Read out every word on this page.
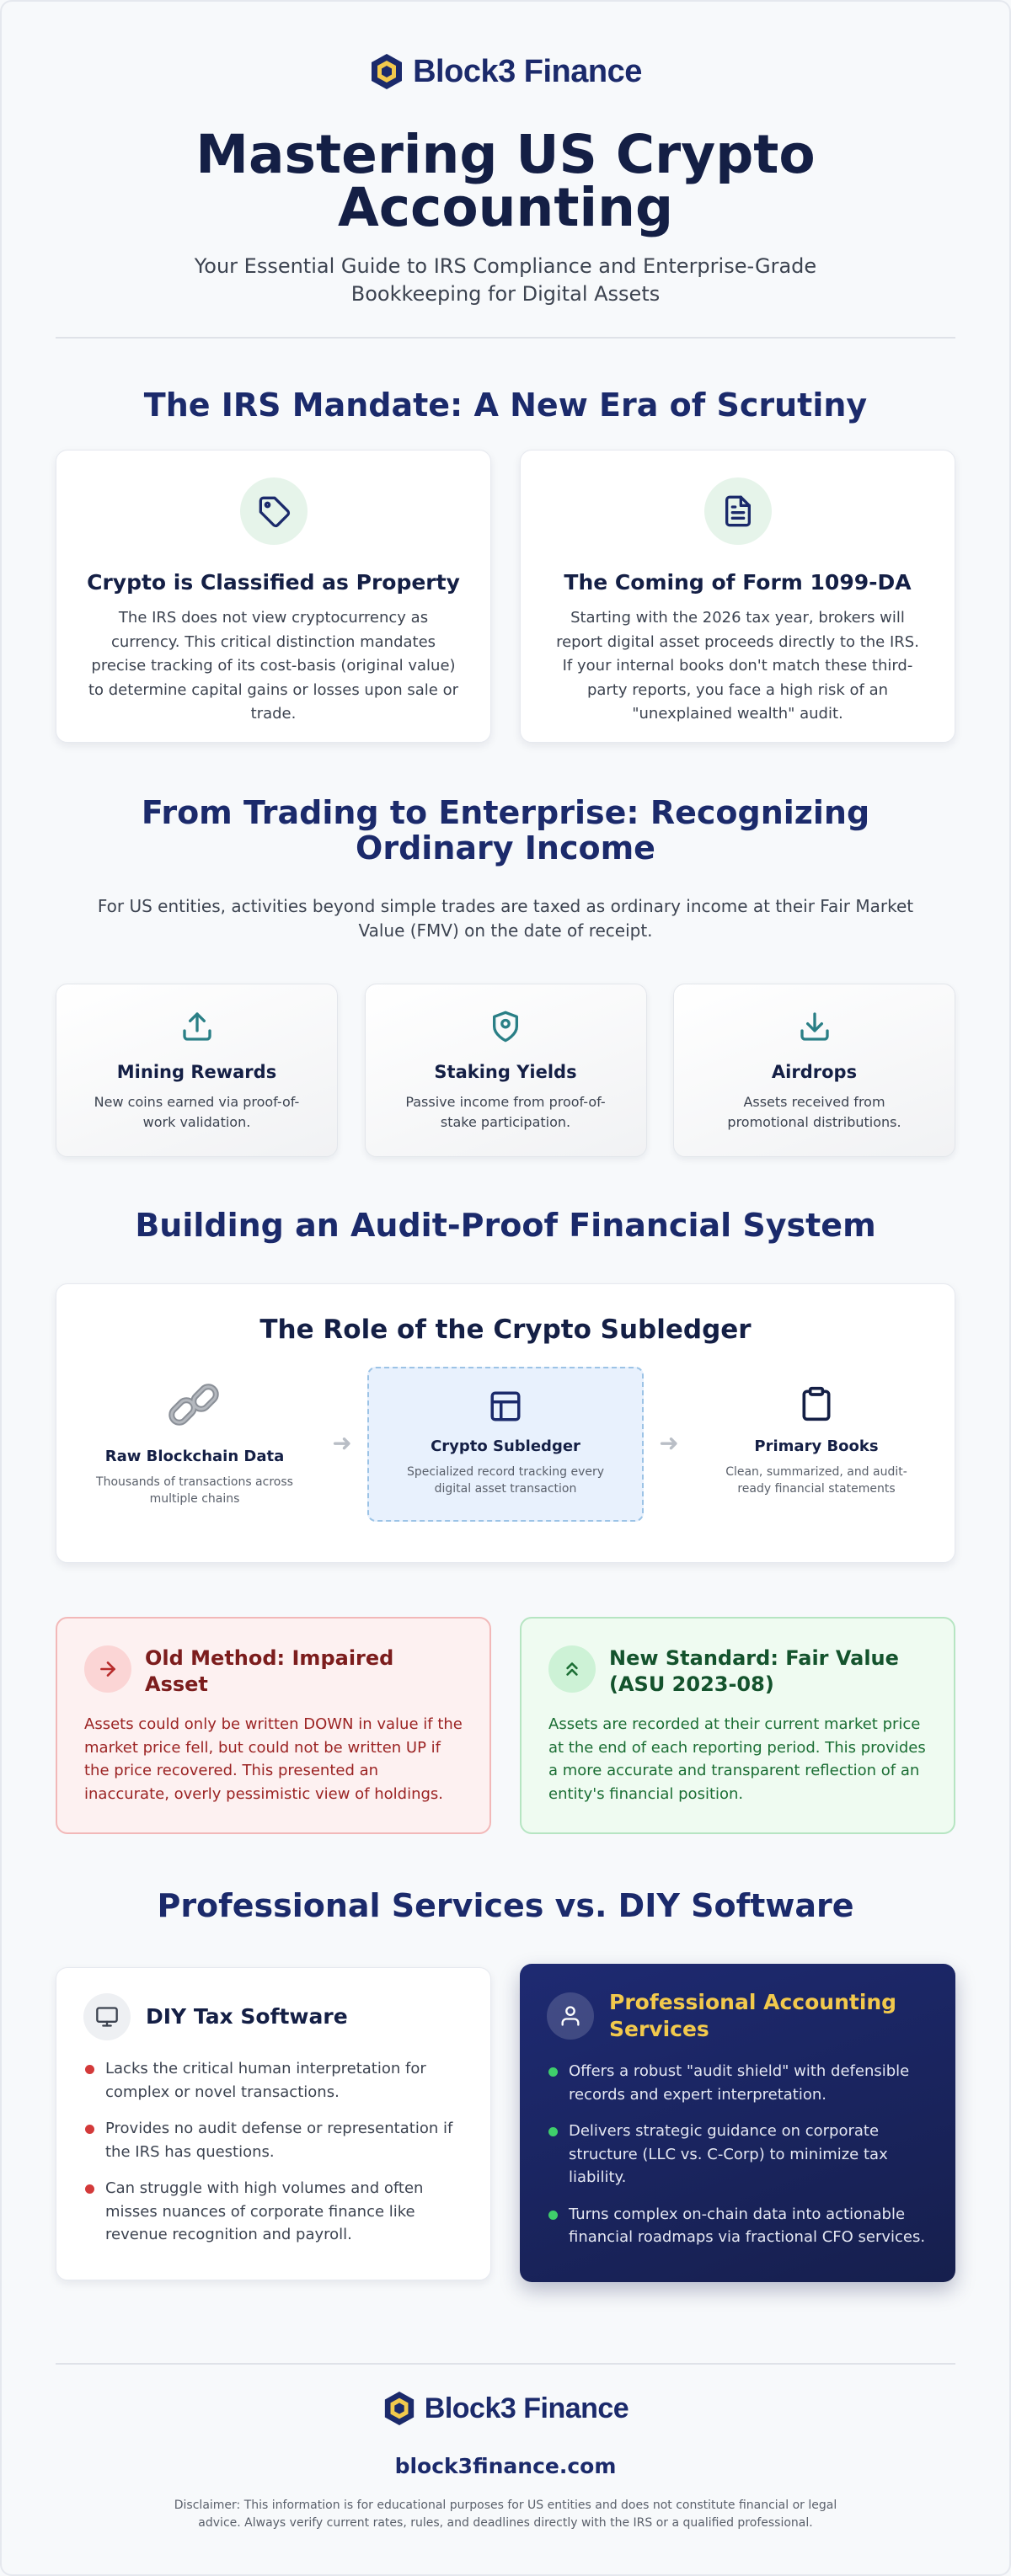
Block3 Finance
Mastering US Crypto Accounting

Your Essential Guide to IRS Compliance and Enterprise-Grade Bookkeeping for Digital Assets

The IRS Mandate: A New Era of Scrutiny
Crypto is Classified as Property

The IRS does not view cryptocurrency as currency. This critical distinction mandates precise tracking of its cost-basis (original value) to determine capital gains or losses upon sale or trade.

The Coming of Form 1099-DA

Starting with the 2026 tax year, brokers will report digital asset proceeds directly to the IRS. If your internal books don't match these third-party reports, you face a high risk of an "unexplained wealth" audit.

From Trading to Enterprise: Recognizing Ordinary Income

For US entities, activities beyond simple trades are taxed as ordinary income at their Fair Market Value (FMV) on the date of receipt.

Mining Rewards

New coins earned via proof-of-work validation.

Staking Yields

Passive income from proof-of-stake participation.

Airdrops

Assets received from promotional distributions.

Building an Audit-Proof Financial System
The Role of the Crypto Subledger
Raw Blockchain Data

Thousands of transactions across multiple chains

➜	Crypto Subledger

Specialized record tracking every digital asset transaction

➜	Primary Books

Clean, summarized, and audit-ready financial statements

Old Method: Impaired Asset

Assets could only be written DOWN in value if the market price fell, but could not be written UP if the price recovered. This presented an inaccurate, overly pessimistic view of holdings.

New Standard: Fair Value (ASU 2023-08)

Assets are recorded at their current market price at the end of each reporting period. This provides a more accurate and transparent reflection of an entity's financial position.

Professional Services vs. DIY Software
DIY Tax Software
Lacks the critical human interpretation for complex or novel transactions.
Provides no audit defense or representation if the IRS has questions.
Can struggle with high volumes and often misses nuances of corporate finance like revenue recognition and payroll.
Professional Accounting Services
Offers a robust "audit shield" with defensible records and expert interpretation.
Delivers strategic guidance on corporate structure (LLC vs. C-Corp) to minimize tax liability.
Turns complex on-chain data into actionable financial roadmaps via fractional CFO services.
Block3 Finance
block3finance.com

Disclaimer: This information is for educational purposes for US entities and does not constitute financial or legal advice. Always verify current rates, rules, and deadlines directly with the IRS or a qualified professional.
